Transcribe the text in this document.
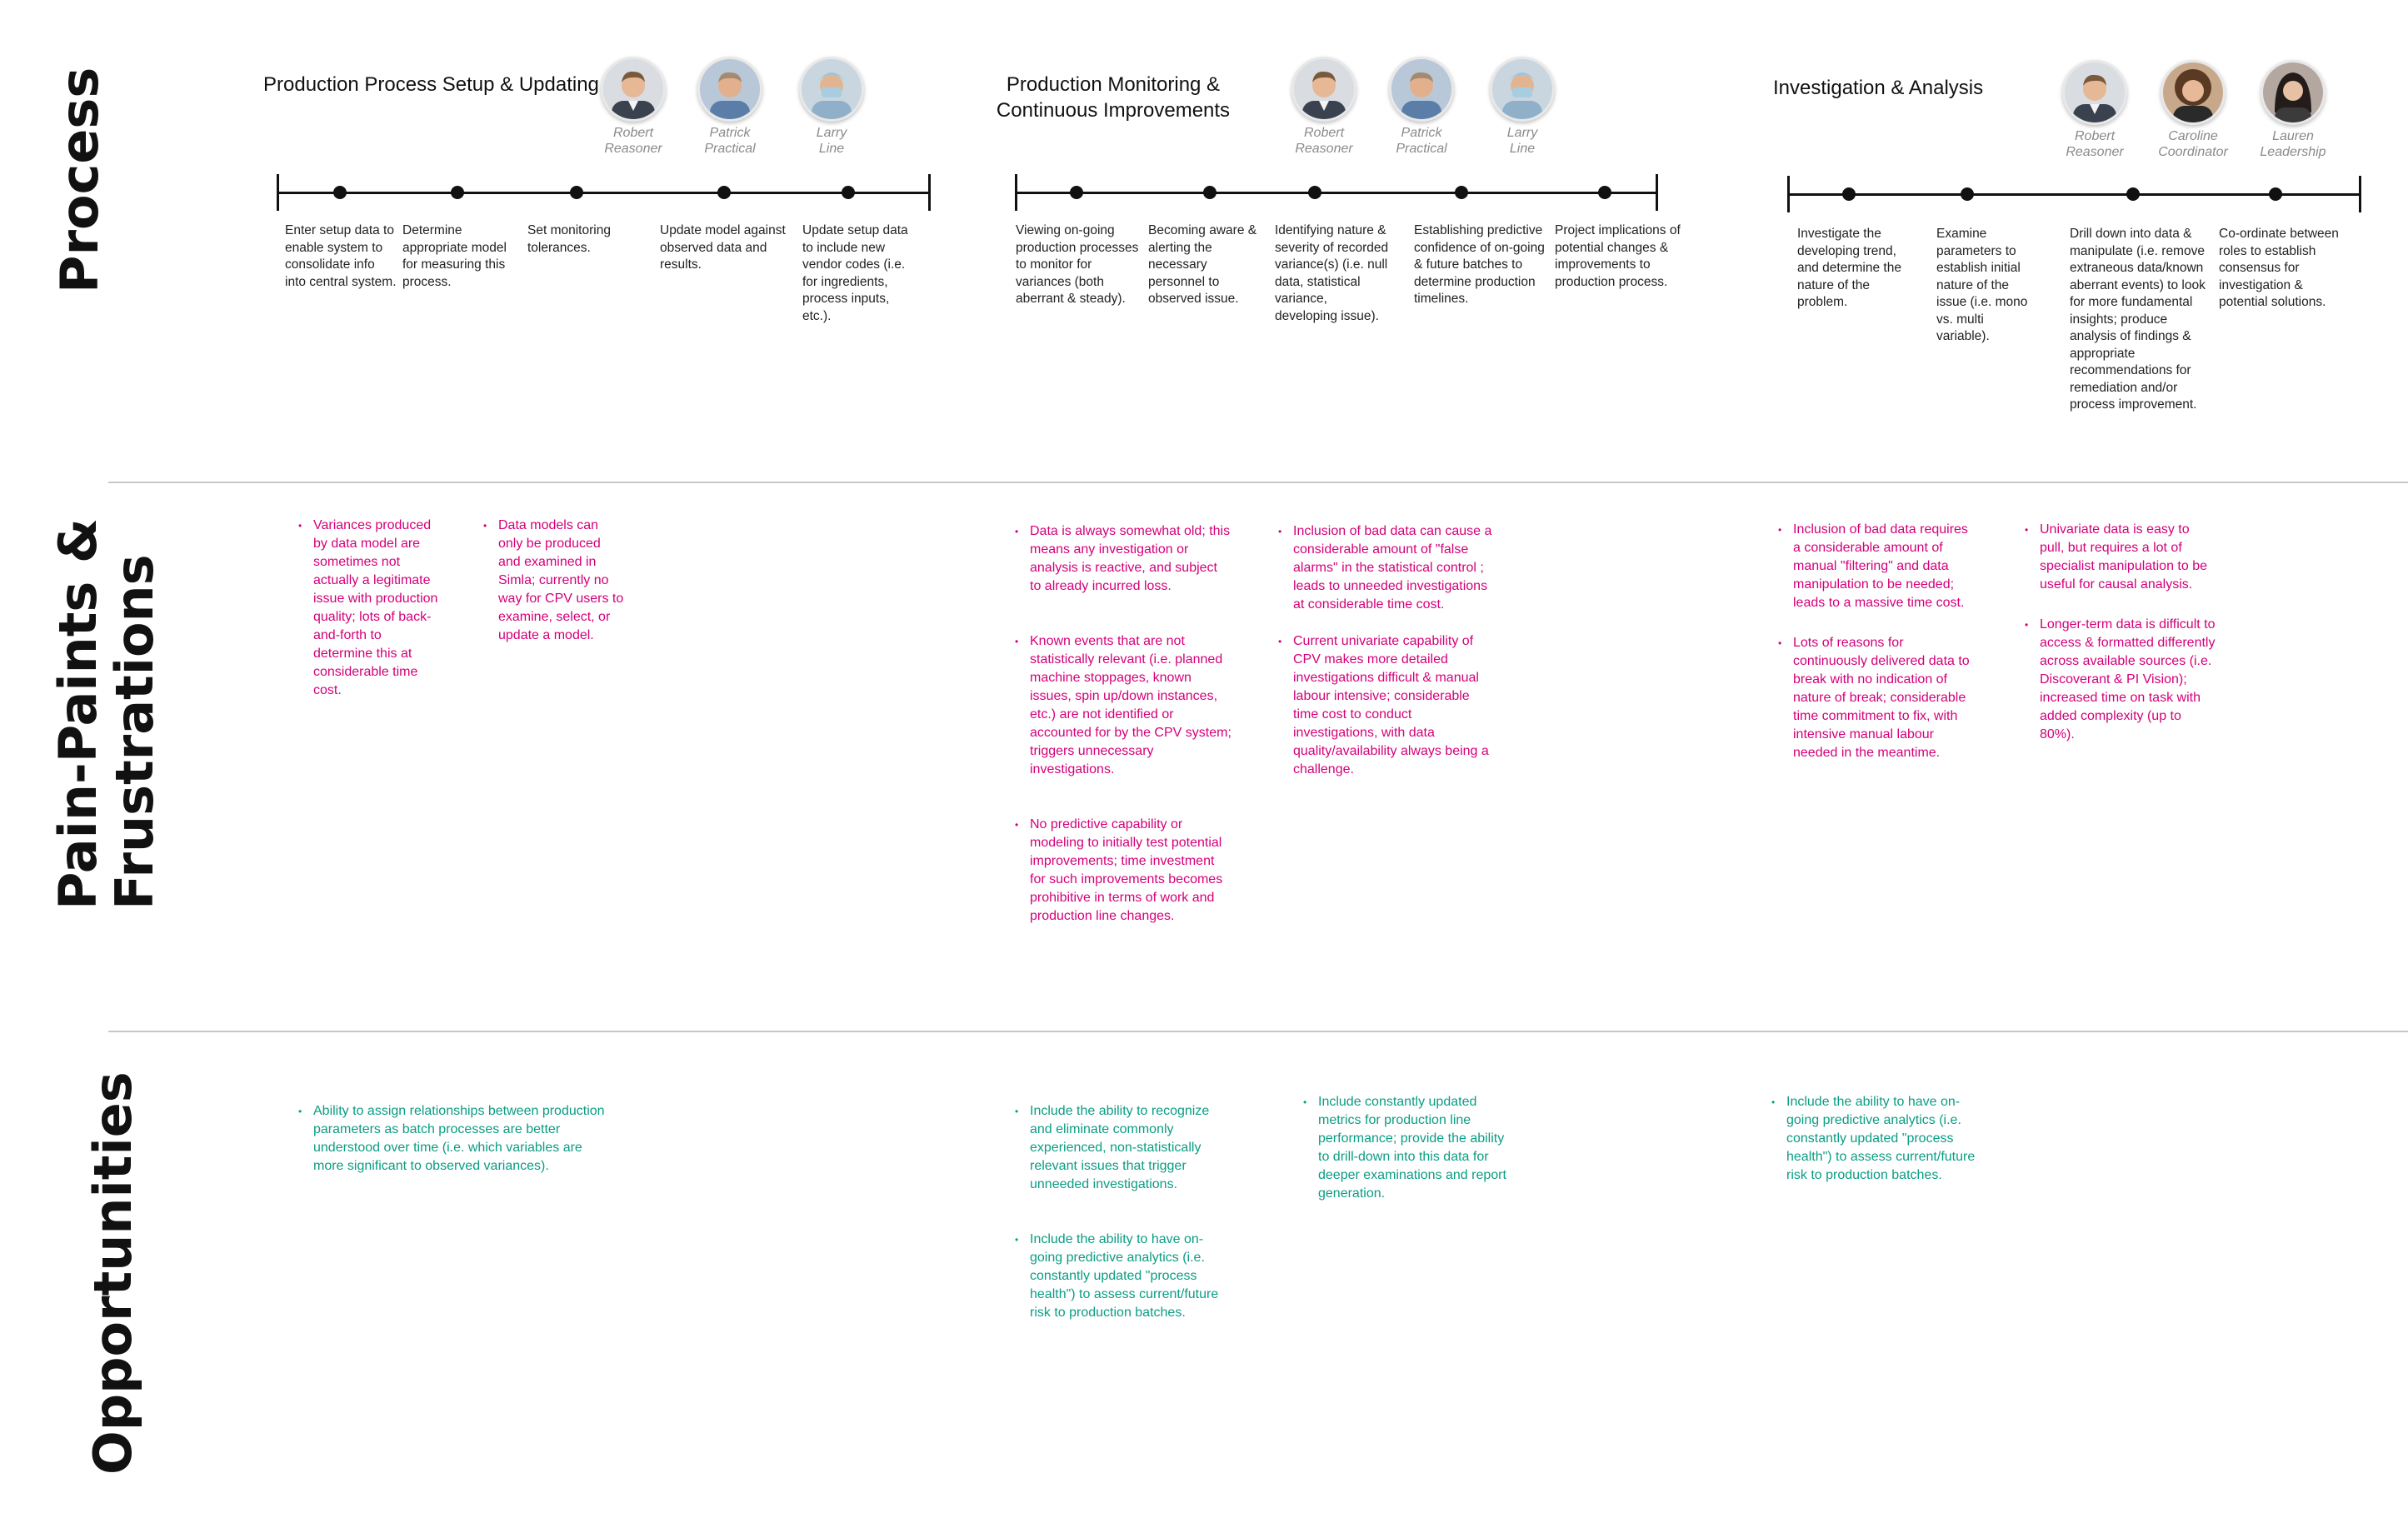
Process
Pain-Paints &
Frustrations
Opportunities
Production Process Setup & Updating
Robert
Reasoner
Patrick
Practical
Larry
Line
Enter setup data to enable system to consolidate info into central system.
Determine appropriate model for measuring this process.
Set monitoring tolerances.
Update model against observed data and results.
Update setup data to include new vendor codes (i.e. for ingredients, process inputs, etc.).
• Variances produced by data model are sometimes not actually a legitimate issue with production quality; lots of back-and-forth to determine this at considerable time cost.
• Data models can only be produced and examined in Simla; currently no way for CPV users to examine, select, or update a model.
• Ability to assign relationships between production parameters as batch processes are better understood over time (i.e. which variables are more significant to observed variances).
Production Monitoring &
Continuous Improvements
Robert
Reasoner
Patrick
Practical
Larry
Line
Viewing on-going production processes to monitor for variances (both aberrant & steady).
Becoming aware & alerting the necessary personnel to observed issue.
Identifying nature & severity of recorded variance(s) (i.e. null data, statistical variance, developing issue).
Establishing predictive confidence of on-going & future batches to determine production timelines.
Project implications of potential changes & improvements to production process.
• Data is always somewhat old; this means any investigation or analysis is reactive, and subject to already incurred loss.
• Known events that are not statistically relevant (i.e. planned machine stoppages, known issues, spin up/down instances, etc.) are not identified or accounted for by the CPV system; triggers unnecessary investigations.
• No predictive capability or modeling to initially test potential improvements; time investment for such improvements becomes prohibitive in terms of work and production line changes.
• Inclusion of bad data can cause a considerable amount of "false alarms" in the statistical control ; leads to unneeded investigations at considerable time cost.
• Current univariate capability of CPV makes more detailed investigations difficult & manual labour intensive; considerable time cost to conduct investigations, with data quality/availability always being a challenge.
• Include the ability to recognize and eliminate commonly experienced, non-statistically relevant issues that trigger unneeded investigations.
• Include the ability to have on-going predictive analytics (i.e. constantly updated "process health") to assess current/future risk to production batches.
• Include constantly updated metrics for production line performance; provide the ability to drill-down into this data for deeper examinations and report generation.
Investigation & Analysis
Robert
Reasoner
Caroline
Coordinator
Lauren
Leadership
Investigate the developing trend, and determine the nature of the problem.
Examine parameters to establish initial nature of the issue (i.e. mono vs. multi variable).
Drill down into data & manipulate (i.e. remove extraneous data/known aberrant events) to look for more fundamental insights; produce analysis of findings & appropriate recommendations for remediation and/or process improvement.
Co-ordinate between roles to establish consensus for investigation & potential solutions.
• Inclusion of bad data requires a considerable amount of manual "filtering" and data manipulation to be needed; leads to a massive time cost.
• Lots of reasons for continuously delivered data to break with no indication of nature of break; considerable time commitment to fix, with intensive manual labour needed in the meantime.
• Univariate data is easy to pull, but requires a lot of specialist manipulation to be useful for causal analysis.
• Longer-term data is difficult to access & formatted differently across available sources (i.e. Discoverant & PI Vision); increased time on task with added complexity (up to 80%).
• Include the ability to have on-going predictive analytics (i.e. constantly updated "process health") to assess current/future risk to production batches.
